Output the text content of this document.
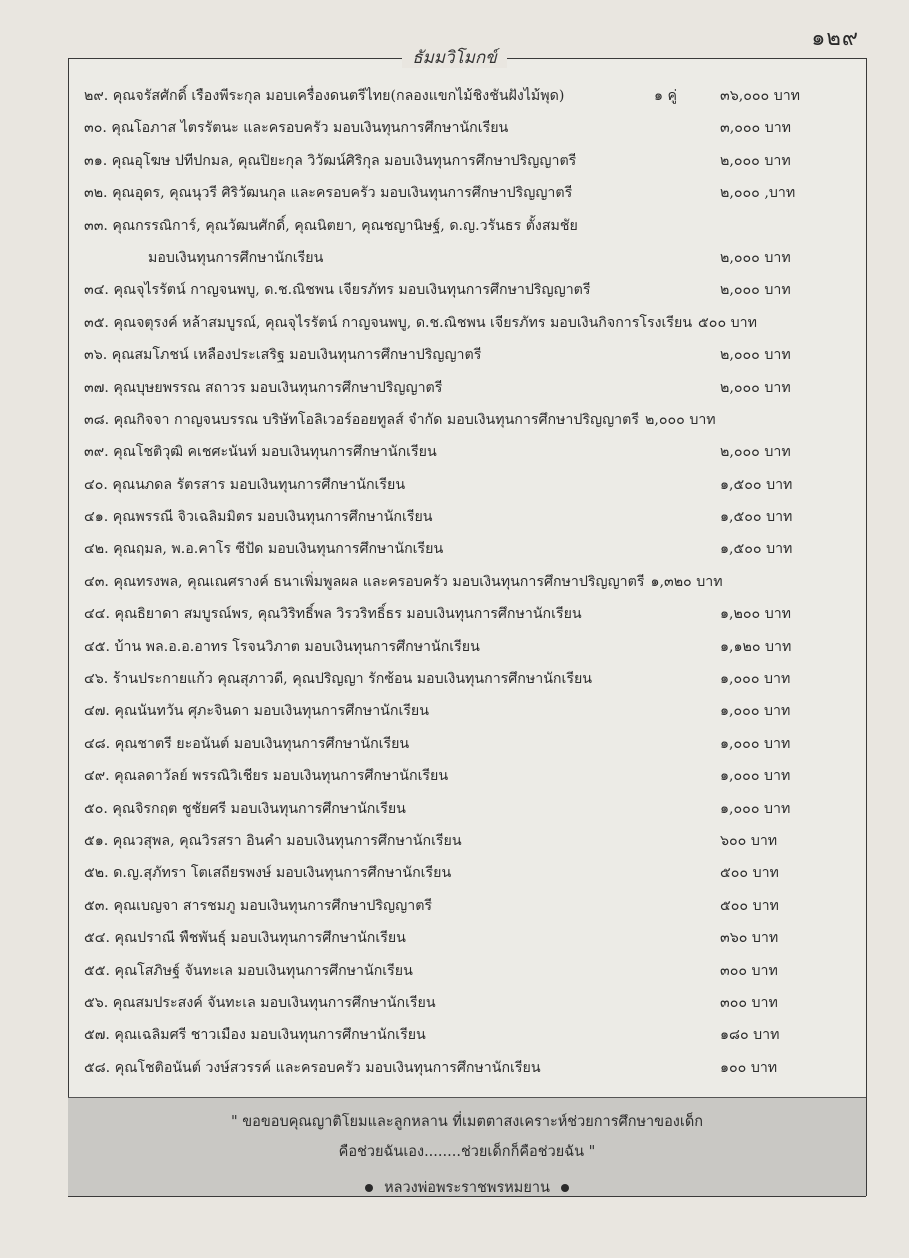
๑๒๙
ธัมมวิโมกข์
๒๙. คุณจรัสศักดิ์ เรืองพีระกุล มอบเครื่องดนตรีไทย(กลองแขกไม้ชิงชันฝังไม้พุด)	๑ คู่	๓๖,๐๐๐ บาท
๓๐. คุณโอภาส ไตรรัตนะ และครอบครัว มอบเงินทุนการศึกษานักเรียน	๓,๐๐๐ บาท
๓๑. คุณอุโฆษ ปทีปกมล, คุณปิยะกุล วิวัฒน์ศิริกุล มอบเงินทุนการศึกษาปริญญาตรี	๒,๐๐๐ บาท
๓๒. คุณอุดร, คุณนุวรี ศิริวัฒนกุล และครอบครัว มอบเงินทุนการศึกษาปริญญาตรี	๒,๐๐๐ ,บาท
๓๓. คุณกรรณิการ์, คุณวัฒนศักดิ์, คุณนิตยา, คุณชญานิษฐ์, ด.ญ.วรันธร ตั้งสมชัย
มอบเงินทุนการศึกษานักเรียน	๒,๐๐๐ บาท
๓๔. คุณจุไรรัตน์ กาญจนพบู, ด.ช.ณิชพน เจียรภัทร มอบเงินทุนการศึกษาปริญญาตรี	๒,๐๐๐ บาท
๓๕. คุณจตุรงค์ หล้าสมบูรณ์, คุณจุไรรัตน์ กาญจนพบู, ด.ช.ณิชพน เจียรภัทร มอบเงินกิจการโรงเรียน ๕๐๐ บาท
๓๖. คุณสมโภชน์ เหลืองประเสริฐ มอบเงินทุนการศึกษาปริญญาตรี	๒,๐๐๐ บาท
๓๗. คุณบุษยพรรณ สถาวร มอบเงินทุนการศึกษาปริญญาตรี	๒,๐๐๐ บาท
๓๘. คุณกิจจา กาญจนบรรณ บริษัทโอลิเวอร์ออยทูลส์ จำกัด มอบเงินทุนการศึกษาปริญญาตรี ๒,๐๐๐ บาท
๓๙. คุณโชติวุฒิ คเชศะนันท์ มอบเงินทุนการศึกษานักเรียน	๒,๐๐๐ บาท
๔๐. คุณนภดล รัตรสาร มอบเงินทุนการศึกษานักเรียน	๑,๕๐๐ บาท
๔๑. คุณพรรณี จิวเฉลิมมิตร มอบเงินทุนการศึกษานักเรียน	๑,๕๐๐ บาท
๔๒. คุณฤมล, พ.อ.คาโร ซีปัด มอบเงินทุนการศึกษานักเรียน	๑,๕๐๐ บาท
๔๓. คุณทรงพล, คุณเณศรางค์ ธนาเพิ่มพูลผล และครอบครัว มอบเงินทุนการศึกษาปริญญาตรี ๑,๓๒๐ บาท
๔๔. คุณธิยาดา สมบูรณ์พร, คุณวิริทธิ์พล วิรวริทธิ์ธร มอบเงินทุนการศึกษานักเรียน	๑,๒๐๐ บาท
๔๕. บ้าน พล.อ.อ.อาทร โรจนวิภาต มอบเงินทุนการศึกษานักเรียน	๑,๑๒๐ บาท
๔๖. ร้านประกายแก้ว คุณสุภาวดี, คุณปริญญา รักซ้อน มอบเงินทุนการศึกษานักเรียน	๑,๐๐๐ บาท
๔๗. คุณนันทวัน ศุภะจินดา มอบเงินทุนการศึกษานักเรียน	๑,๐๐๐ บาท
๔๘. คุณชาตรี ยะอนันต์ มอบเงินทุนการศึกษานักเรียน	๑,๐๐๐ บาท
๔๙. คุณลดาวัลย์ พรรณิวิเชียร มอบเงินทุนการศึกษานักเรียน	๑,๐๐๐ บาท
๕๐. คุณจิรกฤต ชูชัยศรี มอบเงินทุนการศึกษานักเรียน	๑,๐๐๐ บาท
๕๑. คุณวสุพล, คุณวิรสรา อินคำ มอบเงินทุนการศึกษานักเรียน	๖๐๐ บาท
๕๒. ด.ญ.สุภัทรา โตเสถียรพงษ์ มอบเงินทุนการศึกษานักเรียน	๕๐๐ บาท
๕๓. คุณเบญจา สารชมภู มอบเงินทุนการศึกษาปริญญาตรี	๕๐๐ บาท
๕๔. คุณปราณี พืชพันธุ์ มอบเงินทุนการศึกษานักเรียน	๓๖๐ บาท
๕๕. คุณโสภิษฐ์ จันทะเล มอบเงินทุนการศึกษานักเรียน	๓๐๐ บาท
๕๖. คุณสมประสงค์ จันทะเล มอบเงินทุนการศึกษานักเรียน	๓๐๐ บาท
๕๗. คุณเฉลิมศรี ชาวเมือง มอบเงินทุนการศึกษานักเรียน	๑๘๐ บาท
๕๘. คุณโชติอนันต์ วงษ์สวรรค์ และครอบครัว มอบเงินทุนการศึกษานักเรียน	๑๐๐ บาท
" ขอขอบคุณญาติโยมและลูกหลาน ที่เมตตาสงเคราะห์ช่วยการศึกษาของเด็ก
คือช่วยฉันเอง........ช่วยเด็กก็คือช่วยฉัน "
หลวงพ่อพระราชพรหมยาน
